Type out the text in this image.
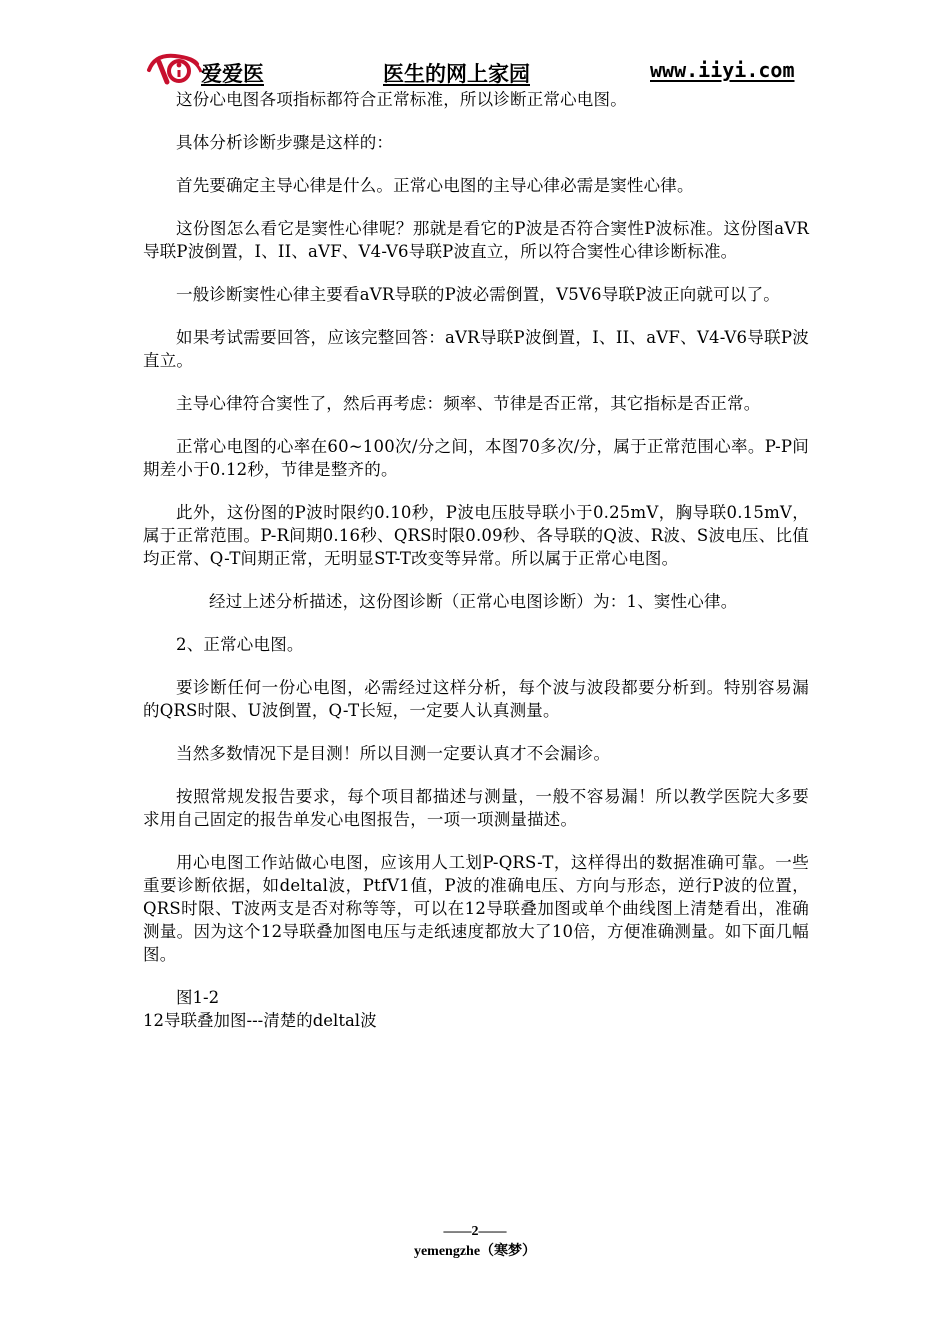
爱爱医	医生的网上家园	www.iiyi.com

这份心电图各项指标都符合正常标准，所以诊断正常心电图。

具体分析诊断步骤是这样的：

首先要确定主导心律是什么。正常心电图的主导心律必需是窦性心律。

这份图怎么看它是窦性心律呢？那就是看它的P波是否符合窦性P波标准。这份图aVR导联P波倒置，I、II、aVF、V4-V6导联P波直立，所以符合窦性心律诊断标准。

一般诊断窦性心律主要看aVR导联的P波必需倒置，V5V6导联P波正向就可以了。

如果考试需要回答，应该完整回答：aVR导联P波倒置，I、II、aVF、V4-V6导联P波直立。

主导心律符合窦性了，然后再考虑：频率、节律是否正常，其它指标是否正常。

正常心电图的心率在60~100次/分之间，本图70多次/分，属于正常范围心率。P-P间期差小于0.12秒，节律是整齐的。

此外，这份图的P波时限约0.10秒，P波电压肢导联小于0.25mV，胸导联0.15mV，属于正常范围。P-R间期0.16秒、QRS时限0.09秒、各导联的Q波、R波、S波电压、比值均正常、Q-T间期正常，无明显ST-T改变等异常。所以属于正常心电图。

经过上述分析描述，这份图诊断（正常心电图诊断）为：1、窦性心律。

2、正常心电图。

要诊断任何一份心电图，必需经过这样分析，每个波与波段都要分析到。特别容易漏的QRS时限、U波倒置，Q-T长短，一定要人认真测量。

当然多数情况下是目测！所以目测一定要认真才不会漏诊。

按照常规发报告要求，每个项目都描述与测量，一般不容易漏！所以教学医院大多要求用自己固定的报告单发心电图报告，一项一项测量描述。

用心电图工作站做心电图，应该用人工划P-QRS-T，这样得出的数据准确可靠。一些重要诊断依据，如deltal波，PtfV1值，P波的准确电压、方向与形态，逆行P波的位置，QRS时限、T波两支是否对称等等，可以在12导联叠加图或单个曲线图上清楚看出，准确测量。因为这个12导联叠加图电压与走纸速度都放大了10倍，方便准确测量。如下面几幅图。

图1-2

12导联叠加图---清楚的deltal波

——2——
yemengzhe（寒梦）
